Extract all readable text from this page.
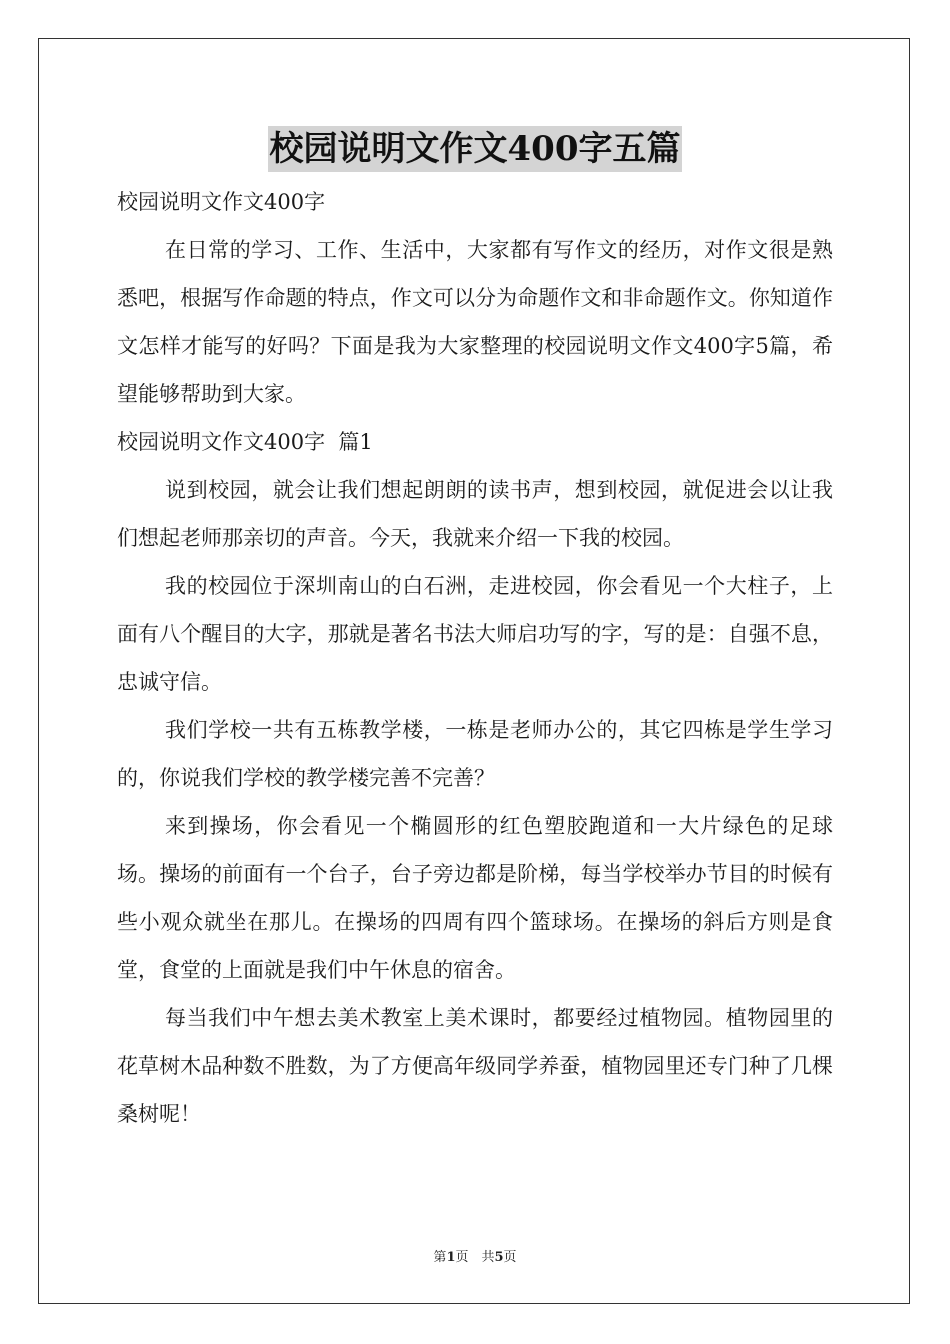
校园说明文作文400字五篇

校园说明文作文400字

在日常的学习、工作、生活中，大家都有写作文的经历，对作文很是熟悉吧，根据写作命题的特点，作文可以分为命题作文和非命题作文。你知道作文怎样才能写的好吗？下面是我为大家整理的校园说明文作文400字5篇，希望能够帮助到大家。

校园说明文作文400字  篇1

说到校园，就会让我们想起朗朗的读书声，想到校园，就促进会以让我们想起老师那亲切的声音。今天，我就来介绍一下我的校园。

我的校园位于深圳南山的白石洲，走进校园，你会看见一个大柱子，上面有八个醒目的大字，那就是著名书法大师启功写的字，写的是：自强不息，忠诚守信。

我们学校一共有五栋教学楼，一栋是老师办公的，其它四栋是学生学习的，你说我们学校的教学楼完善不完善？

来到操场，你会看见一个椭圆形的红色塑胶跑道和一大片绿色的足球场。操场的前面有一个台子，台子旁边都是阶梯，每当学校举办节目的时候有些小观众就坐在那儿。在操场的四周有四个篮球场。在操场的斜后方则是食堂，食堂的上面就是我们中午休息的宿舍。

每当我们中午想去美术教室上美术课时，都要经过植物园。植物园里的花草树木品种数不胜数，为了方便高年级同学养蚕，植物园里还专门种了几棵桑树呢！

第1页　共5页
